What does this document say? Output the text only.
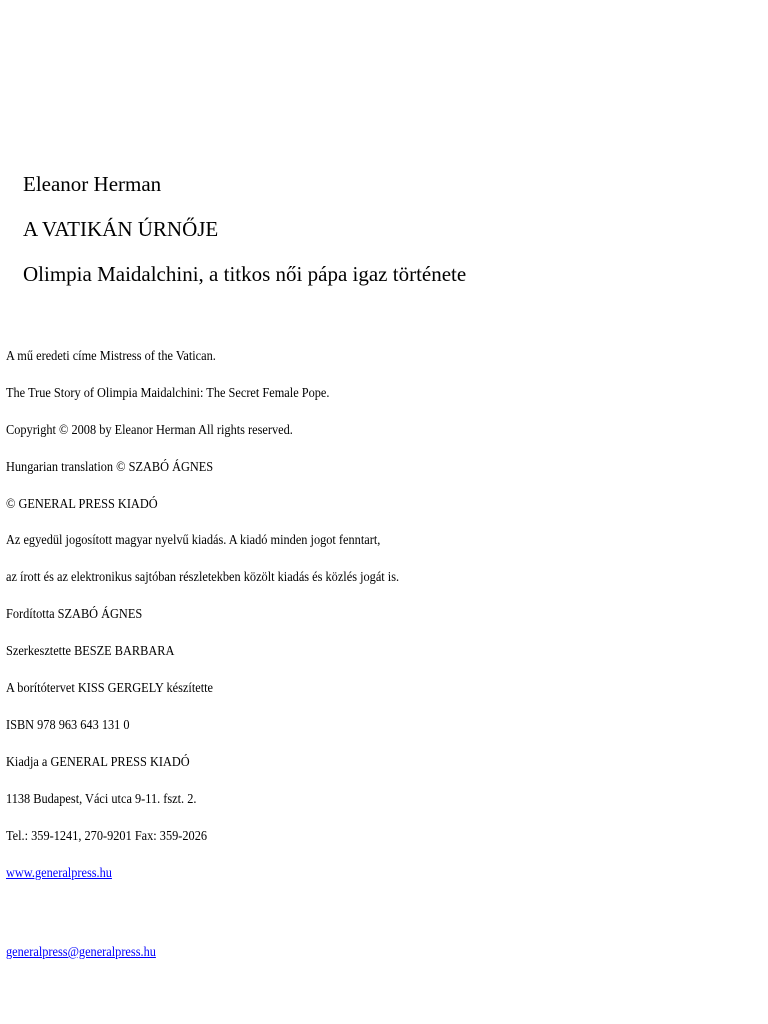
Eleanor Herman

A VATIKÁN ÚRNŐJE

Olimpia Maidalchini, a titkos női pápa igaz története

A mű eredeti címe Mistress of the Vatican.

The True Story of Olimpia Maidalchini: The Secret Female Pope.

Copyright © 2008 by Eleanor Herman All rights reserved.

Hungarian translation © SZABÓ ÁGNES

© GENERAL PRESS KIADÓ

Az egyedül jogosított magyar nyelvű kiadás. A kiadó minden jogot fenntart,

az írott és az elektronikus sajtóban részletekben közölt kiadás és közlés jogát is.

Fordította SZABÓ ÁGNES

Szerkesztette BESZE BARBARA

A borítótervet KISS GERGELY készítette

ISBN 978 963 643 131 0

Kiadja a GENERAL PRESS KIADÓ

1138 Budapest, Váci utca 9-11. fszt. 2.

Tel.: 359-1241, 270-9201 Fax: 359-2026

www.generalpress.hu
generalpress@generalpress.hu
